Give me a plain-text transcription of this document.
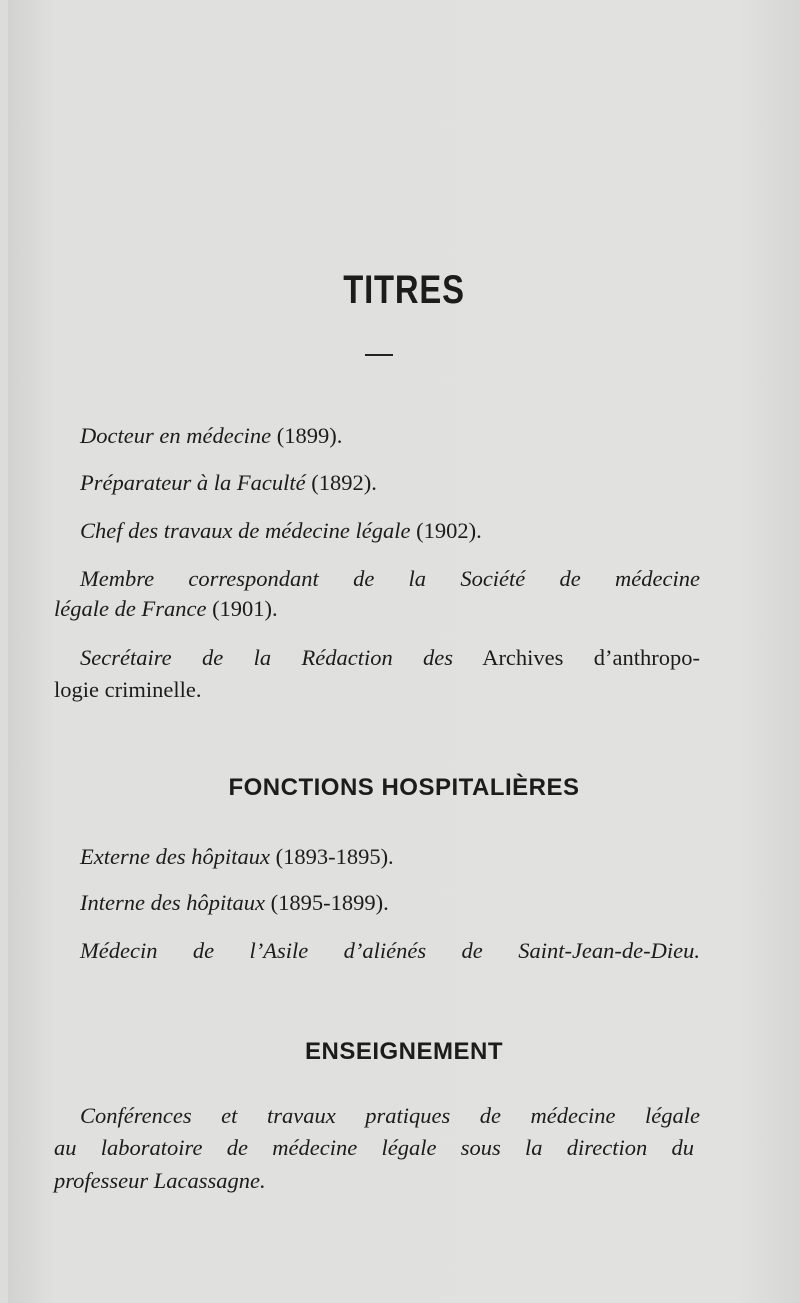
TITRES
Docteur en médecine (1899).
Préparateur à la Faculté (1892).
Chef des travaux de médecine légale (1902).
Membre correspondant de la Société de médecine
légale de France (1901).
Secrétaire de la Rédaction des Archives d’anthropo-
logie criminelle.
FONCTIONS HOSPITALIÈRES
Externe des hôpitaux (1893-1895).
Interne des hôpitaux (1895-1899).
Médecin de l’Asile d’aliénés de Saint-Jean-de-Dieu.
ENSEIGNEMENT
Conférences et travaux pratiques de médecine légale
au laboratoire de médecine légale sous la direction du
professeur Lacassagne.
